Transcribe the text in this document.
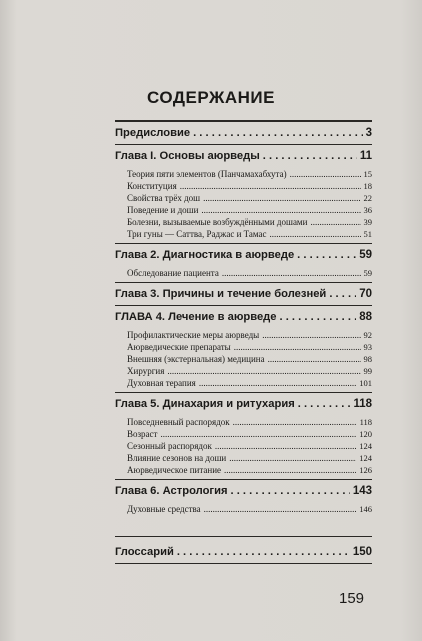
СОДЕРЖАНИЕ
Предисловие . . .	3
Глава I. Основы аюрведы . . .	11
Теория пяти элементов (Панчамахабхута) .....	15
Конституция .....	18
Свойства трёх дош .....	22
Поведение и доши .....	36
Болезни, вызываемые возбуждёнными дошами .....	39
Три гуны — Саттва, Раджас и Тамас .....	51
Глава 2. Диагностика в аюрведе . . .	59
Обследование пациента .....	59
Глава 3. Причины и течение болезней . . .	70
ГЛАВА 4. Лечение в аюрведе . . .	88
Профилактические меры аюрведы .....	92
Аюрведические препараты .....	93
Внешняя (экстернальная) медицина .....	98
Хирургия .....	99
Духовная терапия .....	101
Глава 5. Динахария и ритухария . . .	118
Повседневный распорядок .....	118
Возраст .....	120
Сезонный распорядок .....	124
Влияние сезонов на доши .....	124
Аюрведическое питание .....	126
Глава 6. Астрология . . .	143
Духовные средства .....	146
Глоссарий . . .	150
159
